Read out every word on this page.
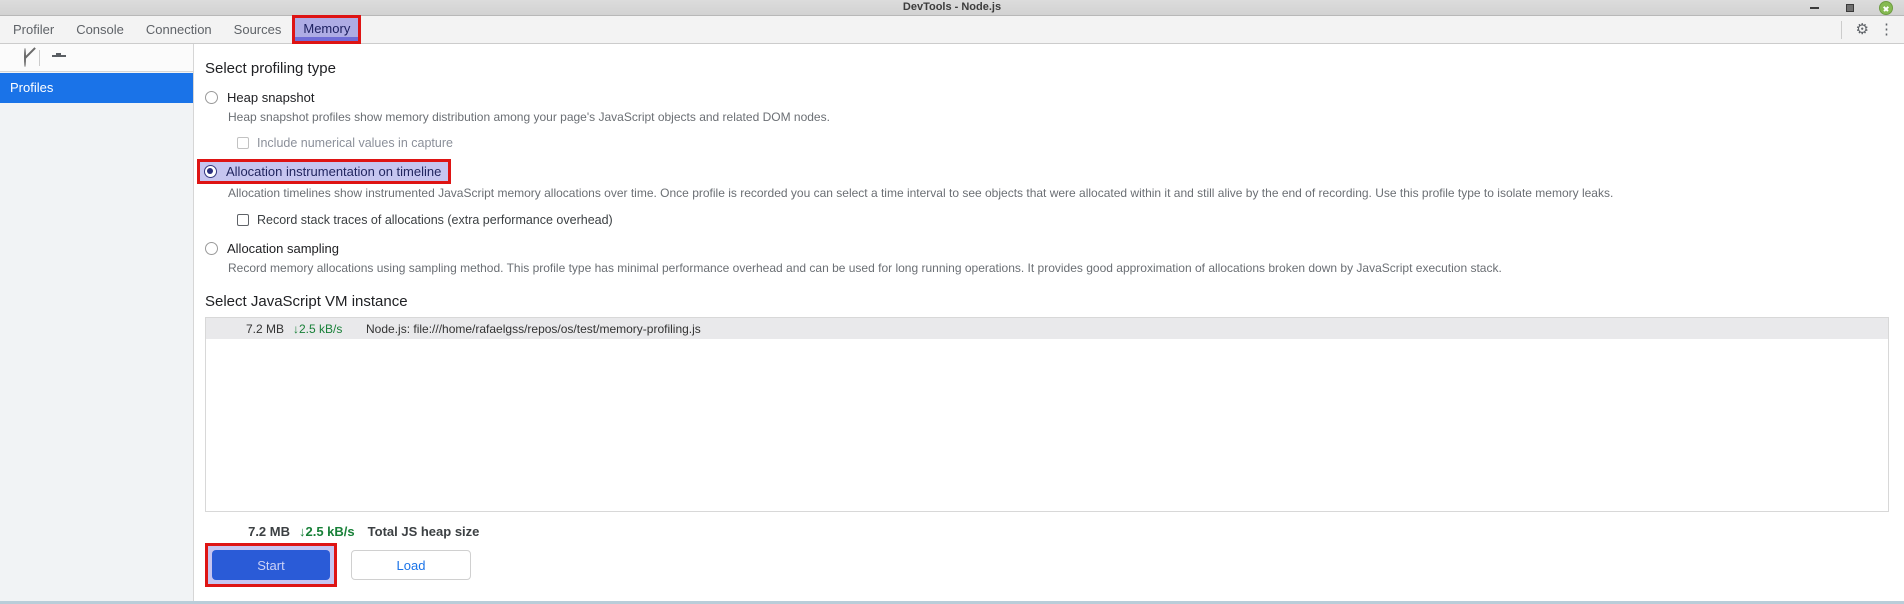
DevTools - Node.js
Profiler	Console	Connection	Sources	Memory	⚙ ⋮
Profiles
Select profiling type
Heap snapshot
Heap snapshot profiles show memory distribution among your page's JavaScript objects and related DOM nodes.
Include numerical values in capture
Allocation instrumentation on timeline
Allocation timelines show instrumented JavaScript memory allocations over time. Once profile is recorded you can select a time interval to see objects that were allocated within it and still alive by the end of recording. Use this profile type to isolate memory leaks.
Record stack traces of allocations (extra performance overhead)
Allocation sampling
Record memory allocations using sampling method. This profile type has minimal performance overhead and can be used for long running operations. It provides good approximation of allocations broken down by JavaScript execution stack.
Select JavaScript VM instance
7.2 MB ↓2.5 kB/s	Node.js: file:///home/rafaelgss/repos/os/test/memory-profiling.js
7.2 MB ↓2.5 kB/s Total JS heap size
Start	Load
